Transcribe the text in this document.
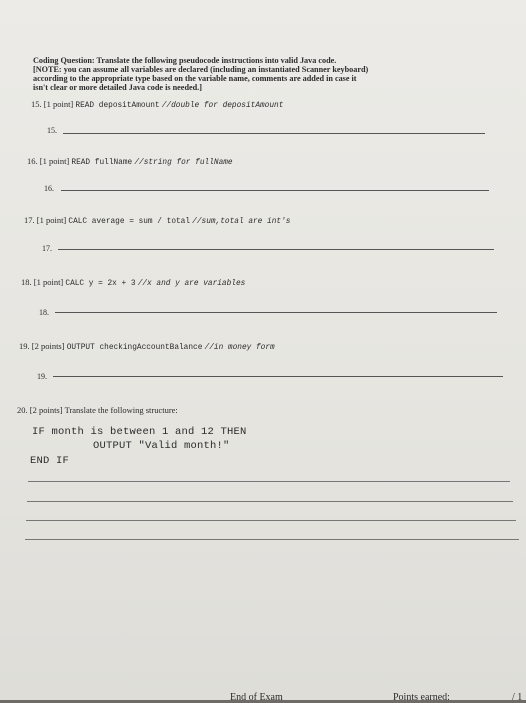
Coding Question: Translate the following pseudocode instructions into valid Java code.
[NOTE: you can assume all variables are declared (including an instantiated Scanner keyboard)
according to the appropriate type based on the variable name, comments are added in case it
isn't clear or more detailed Java code is needed.]
15. [1 point] READ depositAmount //double for depositAmount
15.
16. [1 point] READ fullName //string for fullName
16.
17. [1 point] CALC average = sum / total //sum,total are int's
17.
18. [1 point] CALC y = 2x + 3 //x and y are variables
18.
19. [2 points] OUTPUT checkingAccountBalance //in money form
19.
20. [2 points] Translate the following structure:
IF month is between 1 and 12 THEN
OUTPUT "Valid month!"
END IF
End of Exam	Points earned:	/ 1
